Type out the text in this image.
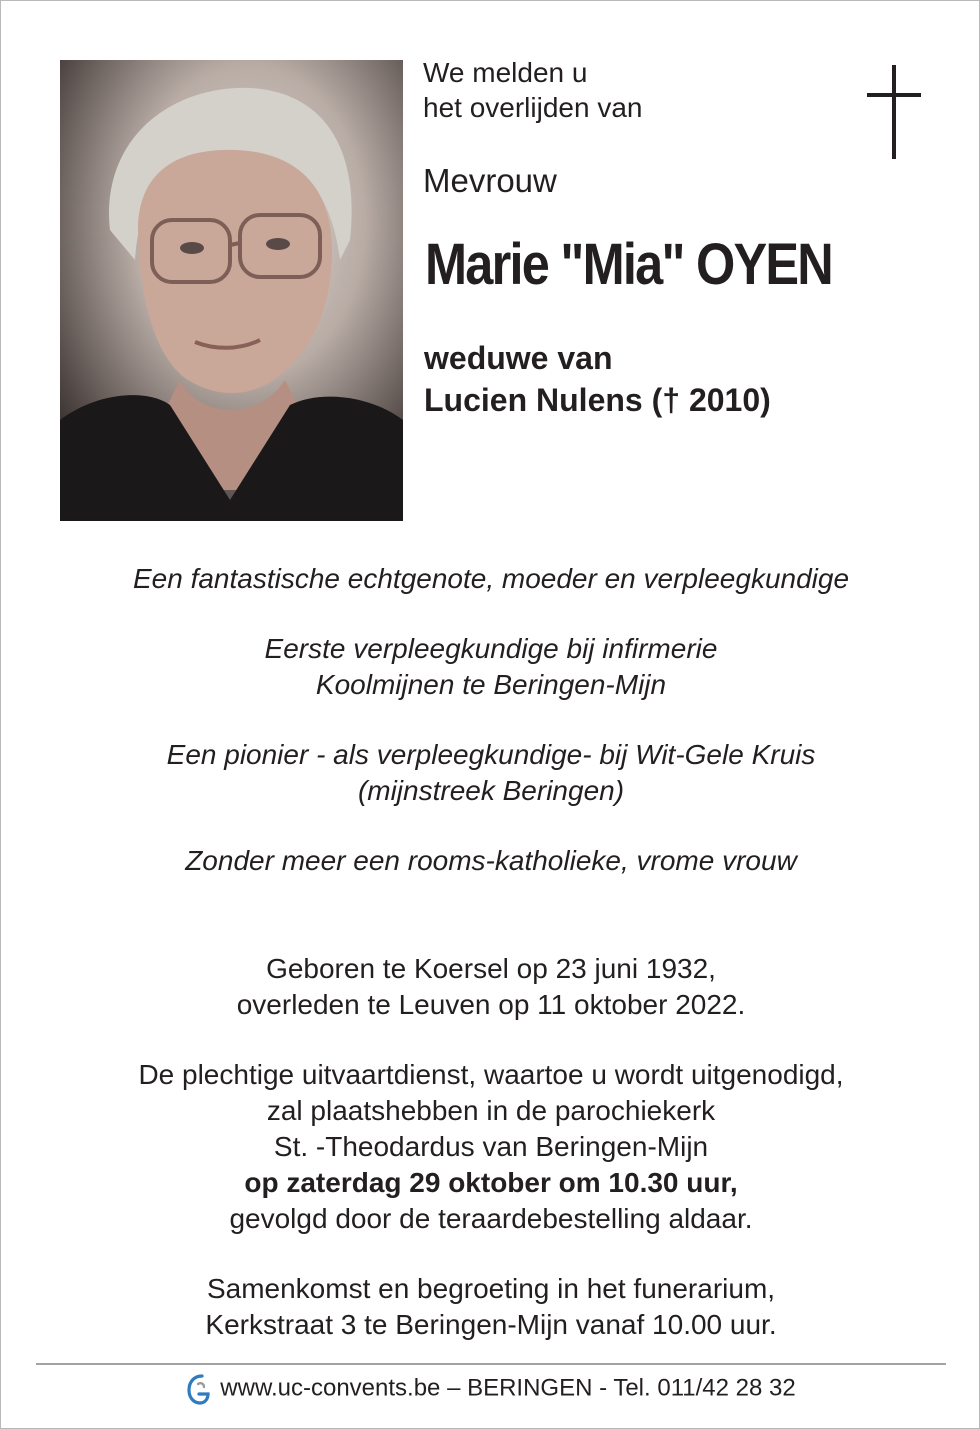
We melden u
het overlijden van
Mevrouw
Marie "Mia" OYEN
weduwe van
Lucien Nulens († 2010)

Een fantastische echtgenote, moeder en verpleegkundige

Eerste verpleegkundige bij infirmerie
Koolmijnen te Beringen-Mijn

Een pionier - als verpleegkundige- bij Wit-Gele Kruis
(mijnstreek Beringen)

Zonder meer een rooms-katholieke, vrome vrouw

Geboren te Koersel op 23 juni 1932,
overleden te Leuven op 11 oktober 2022.

De plechtige uitvaartdienst, waartoe u wordt uitgenodigd,
zal plaatshebben in de parochiekerk
St. -Theodardus van Beringen-Mijn
op zaterdag 29 oktober om 10.30 uur,
gevolgd door de teraardebestelling aldaar.

Samenkomst en begroeting in het funerarium,
Kerkstraat 3 te Beringen-Mijn vanaf 10.00 uur.

www.uc-convents.be – BERINGEN - Tel. 011/42 28 32
